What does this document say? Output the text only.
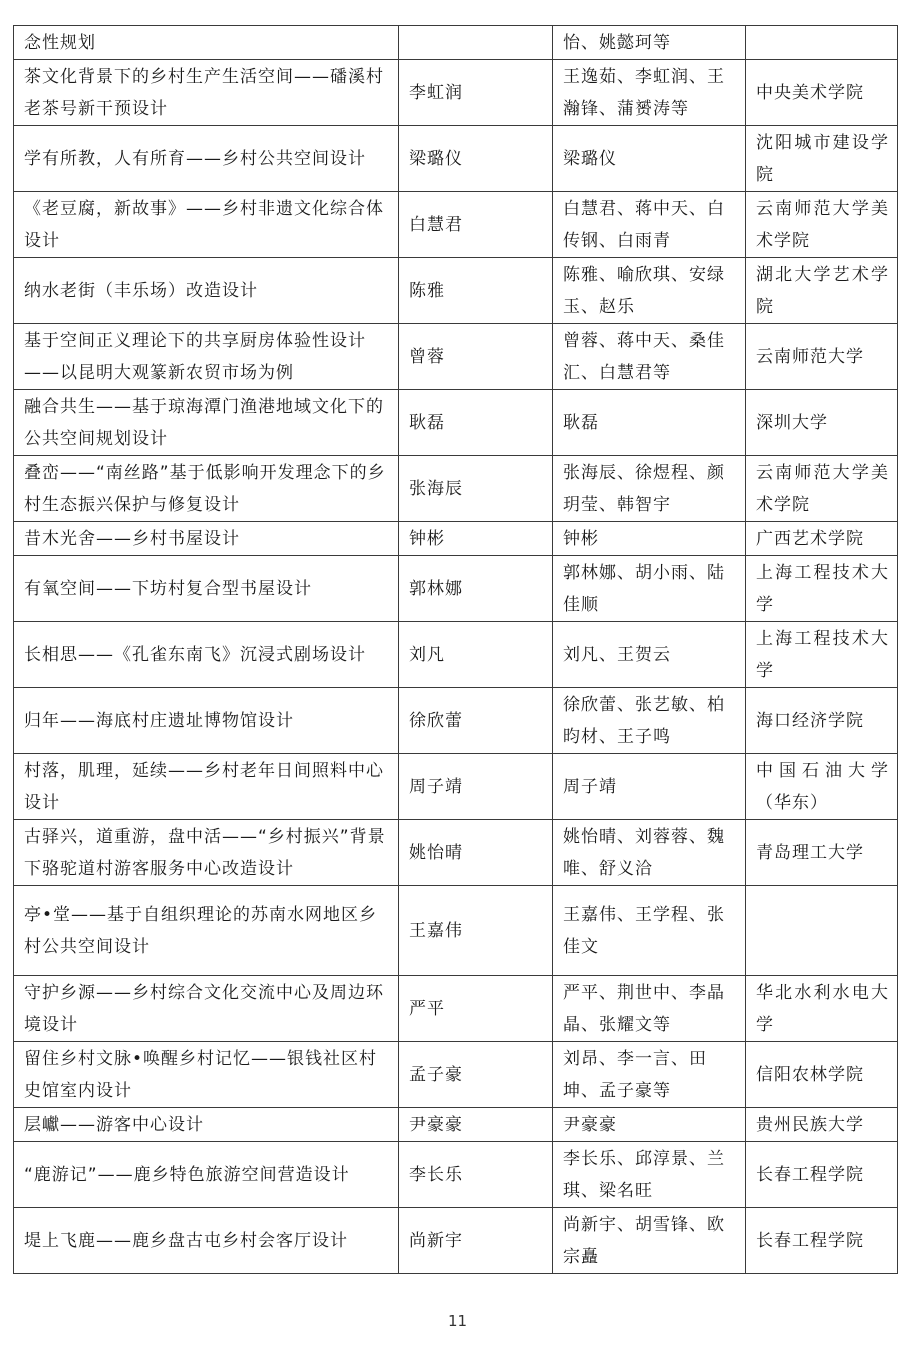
念性规划		怡、姚懿珂等	
茶文化背景下的乡村生产生活空间——磻溪村老茶号新干预设计	李虹润	王逸茹、李虹润、王瀚锋、蒲赟涛等	中央美术学院
学有所教，人有所育——乡村公共空间设计	梁璐仪	梁璐仪	沈阳城市建设学院
《老豆腐，新故事》——乡村非遗文化综合体设计	白慧君	白慧君、蒋中天、白传钢、白雨青	云南师范大学美术学院
纳水老街（丰乐场）改造设计	陈雅	陈雅、喻欣琪、安绿玉、赵乐	湖北大学艺术学院
基于空间正义理论下的共享厨房体验性设计——以昆明大观篆新农贸市场为例	曾蓉	曾蓉、蒋中天、桑佳汇、白慧君等	云南师范大学
融合共生——基于琼海潭门渔港地域文化下的公共空间规划设计	耿磊	耿磊	深圳大学
叠峦——“南丝路”基于低影响开发理念下的乡村生态振兴保护与修复设计	张海辰	张海辰、徐煜程、颜玥莹、韩智宇	云南师范大学美术学院
昔木光舍——乡村书屋设计	钟彬	钟彬	广西艺术学院
有氧空间——下坊村复合型书屋设计	郭林娜	郭林娜、胡小雨、陆佳顺	上海工程技术大学
长相思——《孔雀东南飞》沉浸式剧场设计	刘凡	刘凡、王贺云	上海工程技术大学
归年——海底村庄遗址博物馆设计	徐欣蕾	徐欣蕾、张艺敏、柏昀材、王子鸣	海口经济学院
村落，肌理，延续——乡村老年日间照料中心设计	周子靖	周子靖	中国石油大学（华东）
古驿兴，道重游，盘中活——“乡村振兴”背景下骆驼道村游客服务中心改造设计	姚怡晴	姚怡晴、刘蓉蓉、魏唯、舒义洽	青岛理工大学
亭•堂——基于自组织理论的苏南水网地区乡村公共空间设计	王嘉伟	王嘉伟、王学程、张佳文	
守护乡源——乡村综合文化交流中心及周边环境设计	严平	严平、荆世中、李晶晶、张耀文等	华北水利水电大学
留住乡村文脉•唤醒乡村记忆——银钱社区村史馆室内设计	孟子豪	刘昂、李一言、田坤、孟子豪等	信阳农林学院
层巘——游客中心设计	尹豪豪	尹豪豪	贵州民族大学
“鹿游记”——鹿乡特色旅游空间营造设计	李长乐	李长乐、邱淳景、兰琪、梁名旺	长春工程学院
堤上飞鹿——鹿乡盘古屯乡村会客厅设计	尚新宇	尚新宇、胡雪锋、欧宗矗	长春工程学院
11
